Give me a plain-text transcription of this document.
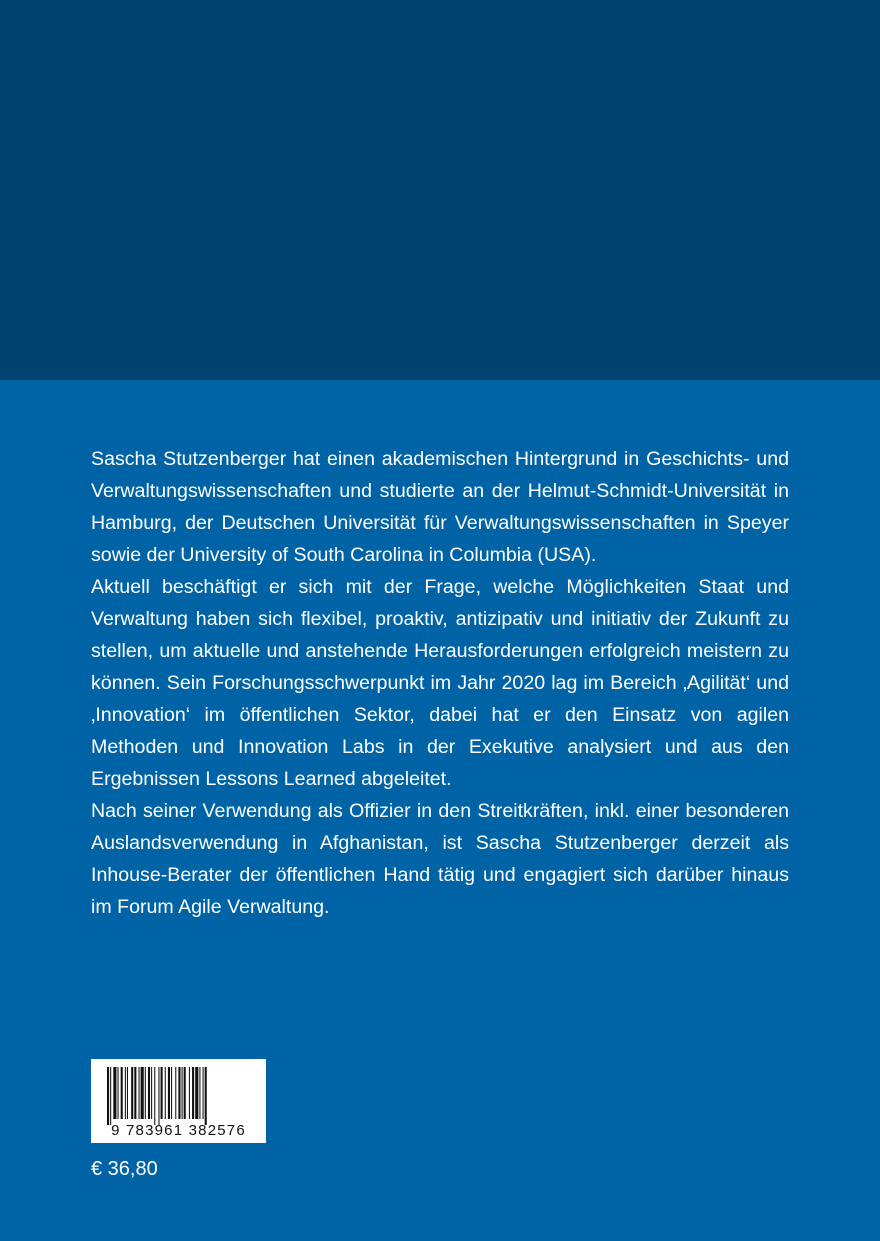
Sascha Stutzenberger hat einen akademischen Hintergrund in Geschichts- und Verwaltungswissenschaften und studierte an der Helmut-Schmidt-Universität in Hamburg, der Deutschen Universität für Verwaltungswissenschaften in Speyer sowie der University of South Carolina in Columbia (USA).

Aktuell beschäftigt er sich mit der Frage, welche Möglichkeiten Staat und Verwaltung haben sich flexibel, proaktiv, antizipativ und initiativ der Zukunft zu stellen, um aktuelle und anstehende Herausforderungen erfolgreich meistern zu können. Sein Forschungsschwerpunkt im Jahr 2020 lag im Bereich ‚Agilität‘ und ‚Innovation‘ im öffentlichen Sektor, dabei hat er den Einsatz von agilen Methoden und Innovation Labs in der Exekutive analysiert und aus den Ergebnissen Lessons Learned abgeleitet.

Nach seiner Verwendung als Offizier in den Streitkräften, inkl. einer besonderen Auslandsverwendung in Afghanistan, ist Sascha Stutzenberger derzeit als Inhouse-Berater der öffentlichen Hand tätig und engagiert sich darüber hinaus im Forum Agile Verwaltung.

9 783961 382576
€ 36,80
